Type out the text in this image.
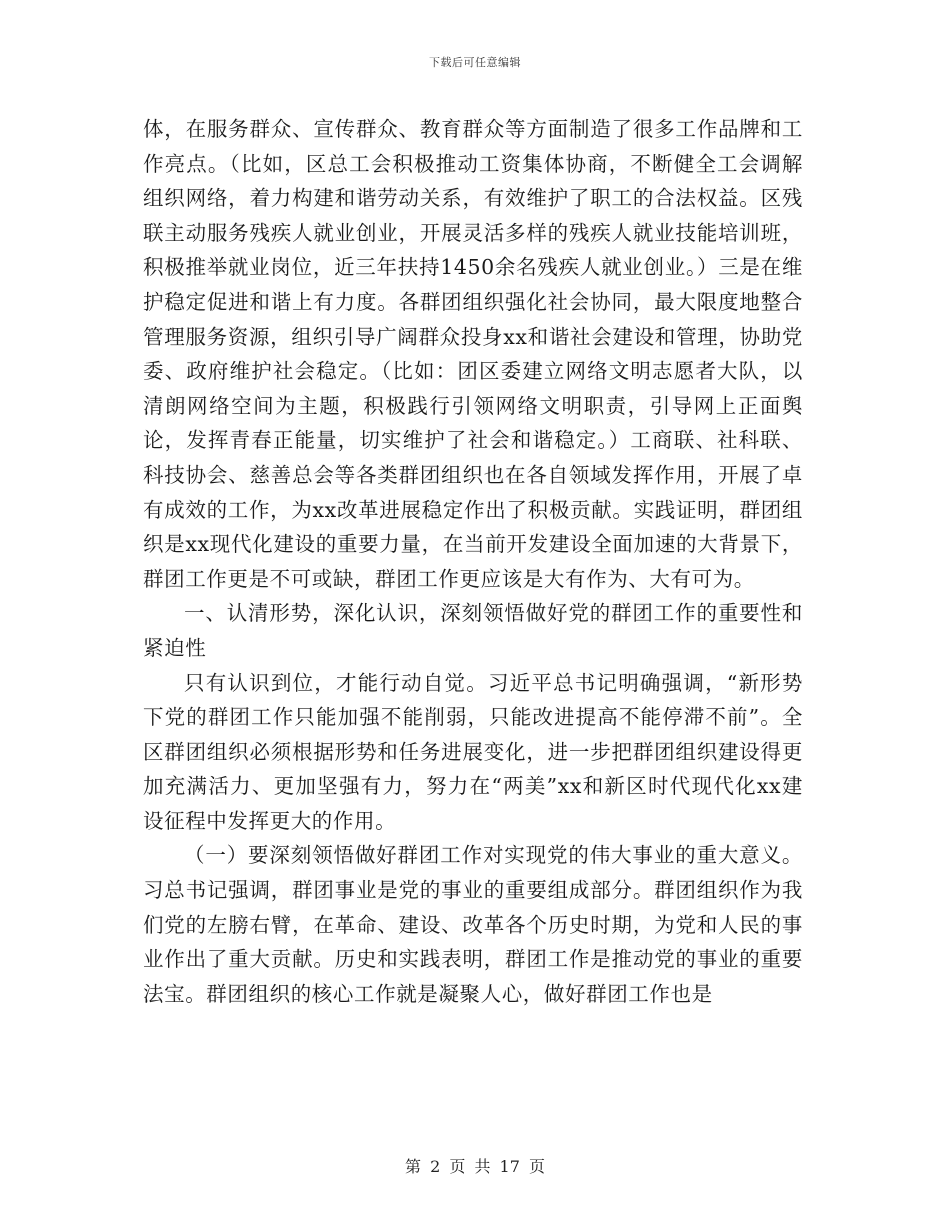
下载后可任意编辑

体，在服务群众、宣传群众、教育群众等方面制造了很多工作品牌和工作亮点。（比如，区总工会积极推动工资集体协商，不断健全工会调解组织网络，着力构建和谐劳动关系，有效维护了职工的合法权益。区残联主动服务残疾人就业创业，开展灵活多样的残疾人就业技能培训班，积极推举就业岗位，近三年扶持1450余名残疾人就业创业。）三是在维护稳定促进和谐上有力度。各群团组织强化社会协同，最大限度地整合管理服务资源，组织引导广阔群众投身xx和谐社会建设和管理，协助党委、政府维护社会稳定。（比如：团区委建立网络文明志愿者大队，以清朗网络空间为主题，积极践行引领网络文明职责，引导网上正面舆论，发挥青春正能量，切实维护了社会和谐稳定。）工商联、社科联、科技协会、慈善总会等各类群团组织也在各自领域发挥作用，开展了卓有成效的工作，为xx改革进展稳定作出了积极贡献。实践证明，群团组织是xx现代化建设的重要力量，在当前开发建设全面加速的大背景下，群团工作更是不可或缺，群团工作更应该是大有作为、大有可为。

一、认清形势，深化认识，深刻领悟做好党的群团工作的重要性和紧迫性

只有认识到位，才能行动自觉。习近平总书记明确强调，“新形势下党的群团工作只能加强不能削弱，只能改进提高不能停滞不前”。全区群团组织必须根据形势和任务进展变化，进一步把群团组织建设得更加充满活力、更加坚强有力，努力在“两美”xx和新区时代现代化xx建设征程中发挥更大的作用。

（一）要深刻领悟做好群团工作对实现党的伟大事业的重大意义。习总书记强调，群团事业是党的事业的重要组成部分。群团组织作为我们党的左膀右臂，在革命、建设、改革各个历史时期，为党和人民的事业作出了重大贡献。历史和实践表明，群团工作是推动党的事业的重要法宝。群团组织的核心工作就是凝聚人心，做好群团工作也是

第 2 页 共 17 页
